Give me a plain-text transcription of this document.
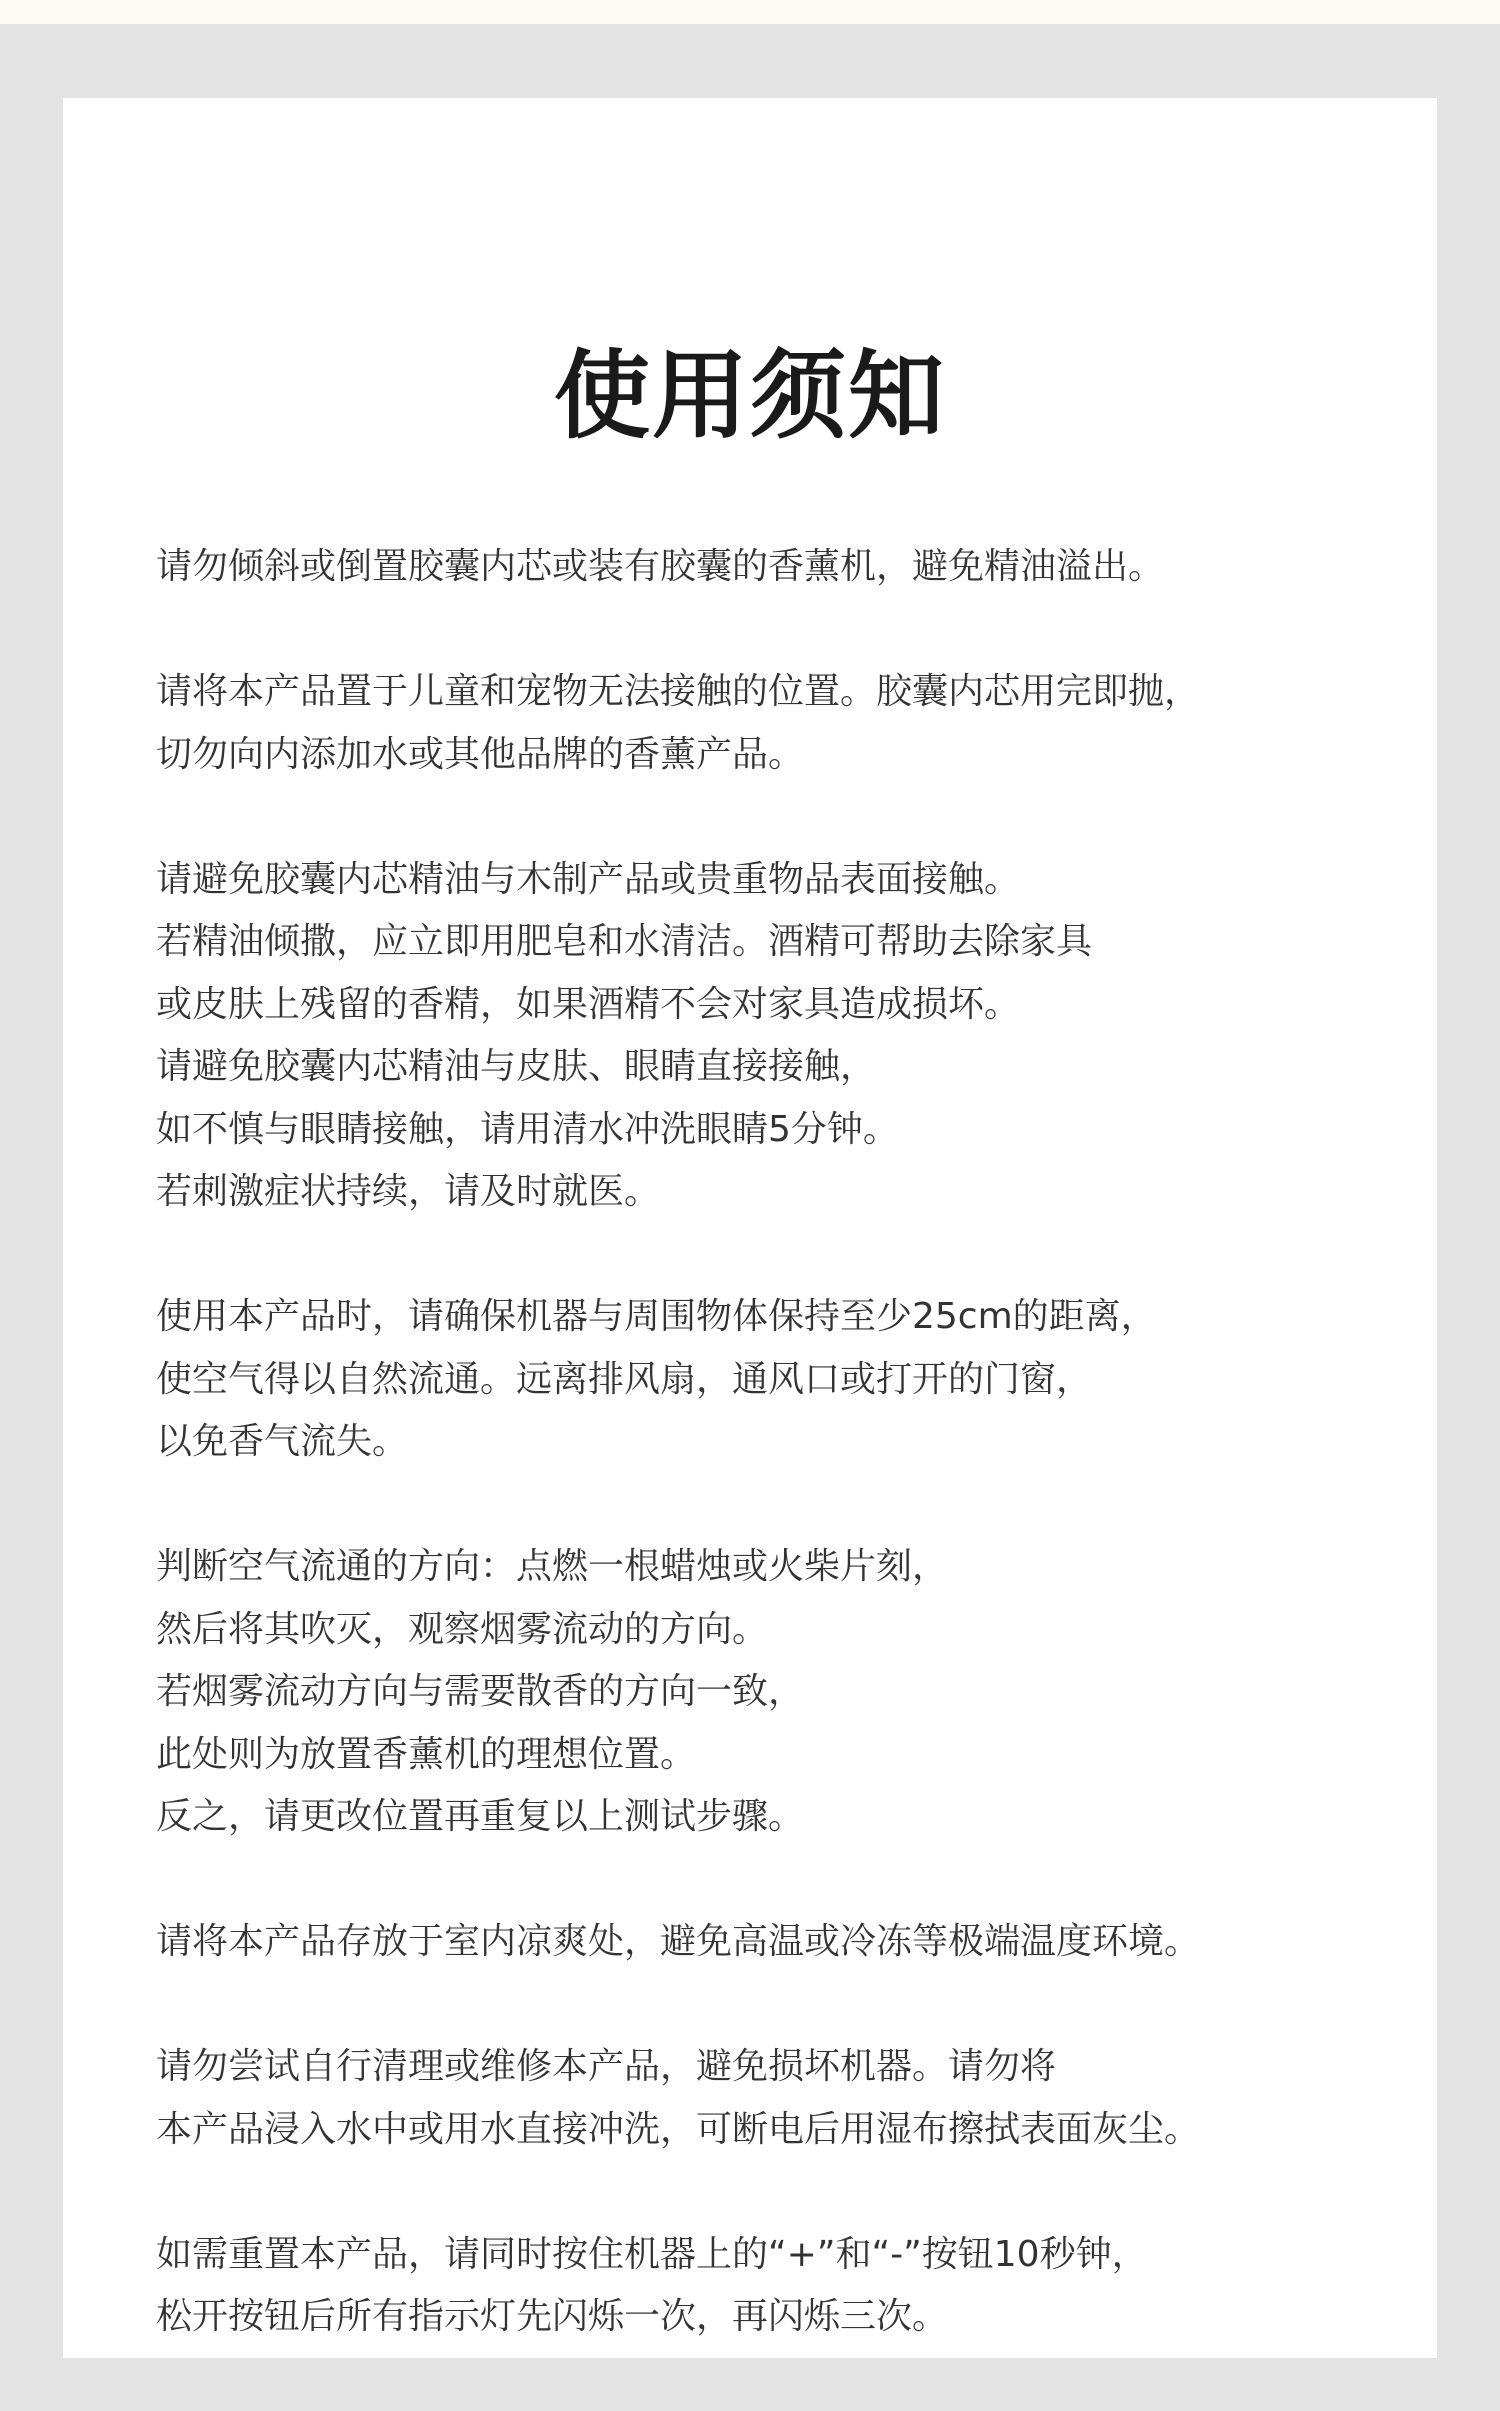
使用须知
请勿倾斜或倒置胶囊内芯或装有胶囊的香薰机，避免精油溢出。
请将本产品置于儿童和宠物无法接触的位置。胶囊内芯用完即抛，
切勿向内添加水或其他品牌的香薰产品。
请避免胶囊内芯精油与木制产品或贵重物品表面接触。
若精油倾撒，应立即用肥皂和水清洁。酒精可帮助去除家具
或皮肤上残留的香精，如果酒精不会对家具造成损坏。
请避免胶囊内芯精油与皮肤、眼睛直接接触，
如不慎与眼睛接触，请用清水冲洗眼睛5分钟。
若刺激症状持续，请及时就医。
使用本产品时，请确保机器与周围物体保持至少25cm的距离，
使空气得以自然流通。远离排风扇，通风口或打开的门窗，
以免香气流失。
判断空气流通的方向：点燃一根蜡烛或火柴片刻，
然后将其吹灭，观察烟雾流动的方向。
若烟雾流动方向与需要散香的方向一致，
此处则为放置香薰机的理想位置。
反之，请更改位置再重复以上测试步骤。
请将本产品存放于室内凉爽处，避免高温或冷冻等极端温度环境。
请勿尝试自行清理或维修本产品，避免损坏机器。请勿将
本产品浸入水中或用水直接冲洗，可断电后用湿布擦拭表面灰尘。
如需重置本产品，请同时按住机器上的“+”和“-”按钮10秒钟，
松开按钮后所有指示灯先闪烁一次，再闪烁三次。
